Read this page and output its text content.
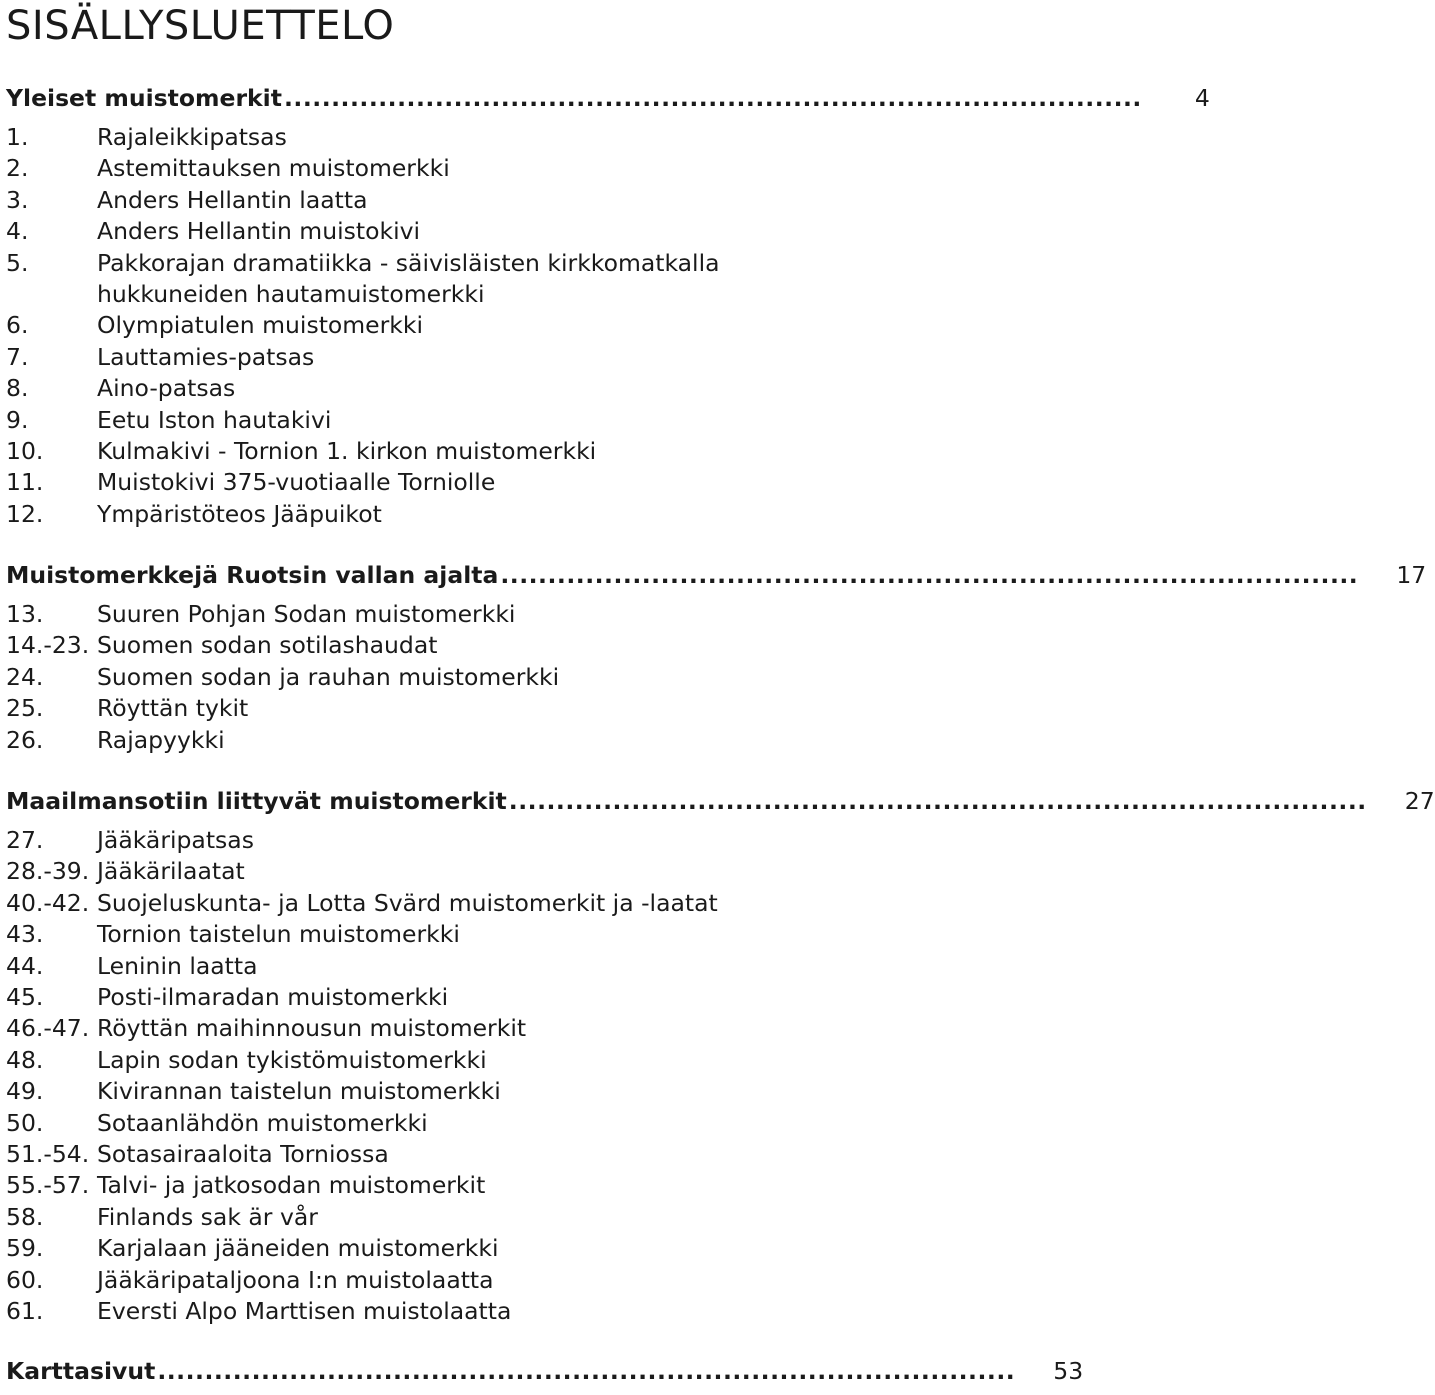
SISÄLLYSLUETTELO
Yleiset muistomerkit ...........................................................................................	4
1.	Rajaleikkipatsas
2.	Astemittauksen muistomerkki
3.	Anders Hellantin laatta
4.	Anders Hellantin muistokivi
5.	Pakkorajan dramatiikka - säivisläisten kirkkomatkalla
hukkuneiden hautamuistomerkki
6.	Olympiatulen muistomerkki
7.	Lauttamies-patsas
8.	Aino-patsas
9.	Eetu Iston hautakivi
10.	Kulmakivi - Tornion 1. kirkon muistomerkki
11.	Muistokivi 375-vuotiaalle Torniolle
12.	Ympäristöteos Jääpuikot
Muistomerkkejä Ruotsin vallan ajalta ...........................................................................................	17
13.	Suuren Pohjan Sodan muistomerkki
14.-23. Suomen sodan sotilashaudat
24.	Suomen sodan ja rauhan muistomerkki
25.	Röyttän tykit
26.	Rajapyykki
Maailmansotiin liittyvät muistomerkit ...........................................................................................	27
27.	Jääkäripatsas
28.-39. Jääkärilaatat
40.-42. Suojeluskunta- ja Lotta Svärd muistomerkit ja -laatat
43.	Tornion taistelun muistomerkki
44.	Leninin laatta
45.	Posti-ilmaradan muistomerkki
46.-47. Röyttän maihinnousun muistomerkit
48.	Lapin sodan tykistömuistomerkki
49.	Kivirannan taistelun muistomerkki
50.	Sotaanlähdön muistomerkki
51.-54. Sotasairaaloita Torniossa
55.-57. Talvi- ja jatkosodan muistomerkit
58.	Finlands sak är vår
59.	Karjalaan jääneiden muistomerkki
60.	Jääkäripataljoona I:n muistolaatta
61.	Eversti Alpo Marttisen muistolaatta
Karttasivut ...........................................................................................	53
